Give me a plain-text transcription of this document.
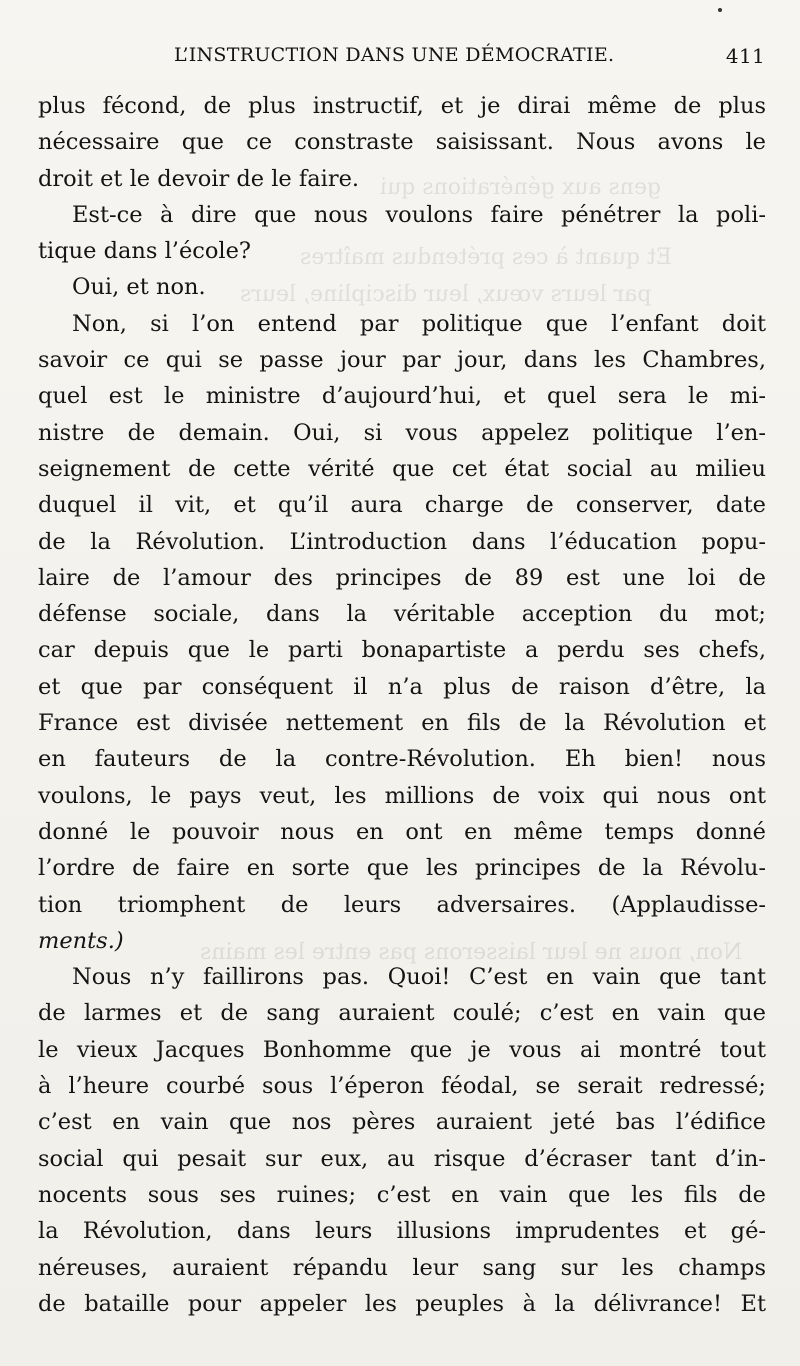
gens aux générations qui
Et quant à ces prétendus maîtres
par leurs vœux, leur discipline, leurs
Non, nous ne leur laisserons pas entre les mains
L’INSTRUCTION DANS UNE DÉMOCRATIE.	411
plus fécond, de plus instructif, et je dirai même de plus
nécessaire que ce constraste saisissant. Nous avons le
droit et le devoir de le faire.
Est-ce à dire que nous voulons faire pénétrer la poli-
tique dans l’école?
Oui, et non.
Non, si l’on entend par politique que l’enfant doit
savoir ce qui se passe jour par jour, dans les Chambres,
quel est le ministre d’aujourd’hui, et quel sera le mi-
nistre de demain. Oui, si vous appelez politique l’en-
seignement de cette vérité que cet état social au milieu
duquel il vit, et qu’il aura charge de conserver, date
de la Révolution. L’introduction dans l’éducation popu-
laire de l’amour des principes de 89 est une loi de
défense sociale, dans la véritable acception du mot;
car depuis que le parti bonapartiste a perdu ses chefs,
et que par conséquent il n’a plus de raison d’être, la
France est divisée nettement en fils de la Révolution et
en fauteurs de la contre-Révolution. Eh bien! nous
voulons, le pays veut, les millions de voix qui nous ont
donné le pouvoir nous en ont en même temps donné
l’ordre de faire en sorte que les principes de la Révolu-
tion triomphent de leurs adversaires. (Applaudisse-
ments.)
Nous n’y faillirons pas. Quoi! C’est en vain que tant
de larmes et de sang auraient coulé; c’est en vain que
le vieux Jacques Bonhomme que je vous ai montré tout
à l’heure courbé sous l’éperon féodal, se serait redressé;
c’est en vain que nos pères auraient jeté bas l’édifice
social qui pesait sur eux, au risque d’écraser tant d’in-
nocents sous ses ruines; c’est en vain que les fils de
la Révolution, dans leurs illusions imprudentes et gé-
néreuses, auraient répandu leur sang sur les champs
de bataille pour appeler les peuples à la délivrance! Et
